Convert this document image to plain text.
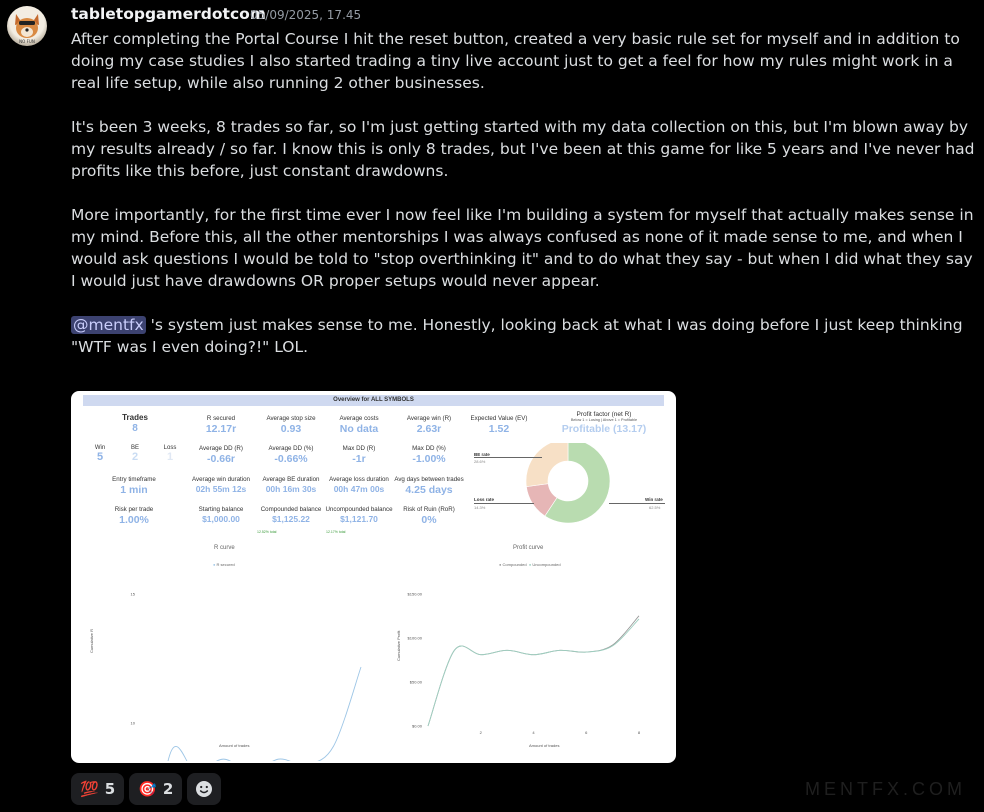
NO FUN
tabletopgamerdotcom
05/09/2025, 17.45

After completing the Portal Course I hit the reset button, created a very basic rule set for myself and in addition to doing my case studies I also started trading a tiny live account just to get a feel for how my rules might work in a real life setup, while also running 2 other businesses.

It's been 3 weeks, 8 trades so far, so I'm just getting started with my data collection on this, but I'm blown away by my results already / so far. I know this is only 8 trades, but I've been at this game for like 5 years and I've never had profits like this before, just constant drawdowns.

More importantly, for the first time ever I now feel like I'm building a system for myself that actually makes sense in my mind. Before this, all the other mentorships I was always confused as none of it made sense to me, and when I would ask questions I would be told to "stop overthinking it" and to do what they say - but when I did what they say I would just have drawdowns OR proper setups would never appear.

@mentfx 's system just makes sense to me. Honestly, looking back at what I was doing before I just keep thinking "WTF was I even doing?!" LOL.

Overview for ALL SYMBOLS
Trades
8
Win
5
BE
2
Loss
1
R secured
12.17r
Average stop size
0.93
Average costs
No data
Average win (R)
2.63r
Expected Value (EV)
1.52
Profit factor (net R)
Below 1 = Losing | Above 1 = Profitable
Profitable (13.17)
Average DD (R)
-0.66r
Average DD (%)
-0.66%
Max DD (R)
-1r
Max DD (%)
-1.00%
Entry timeframe
1 min
Average win duration
02h 55m 12s
Average BE duration
00h 16m 30s
Average loss duration
00h 47m 00s
Avg days between trades
4.25 days
Risk per trade
1.00%
Starting balance
$1,000.00
Compounded balance
$1,125.22
Uncompounded balance
$1,121.70
Risk of Ruin (RoR)
0%
12.52% total	12.17% total
BE rate
28.6%
Loss rate
14.3%
Win rate
62.5%
R curve
● R secured
10
15
Cumulative R
Amount of trades
Profit curve
● Compounded ● Uncompounded
$0.00
$50.00
$100.00
$150.00
2	4	6	8
Cumulative Profit
Amount of trades
💯 5 🎯 2	MENTFX.COM
